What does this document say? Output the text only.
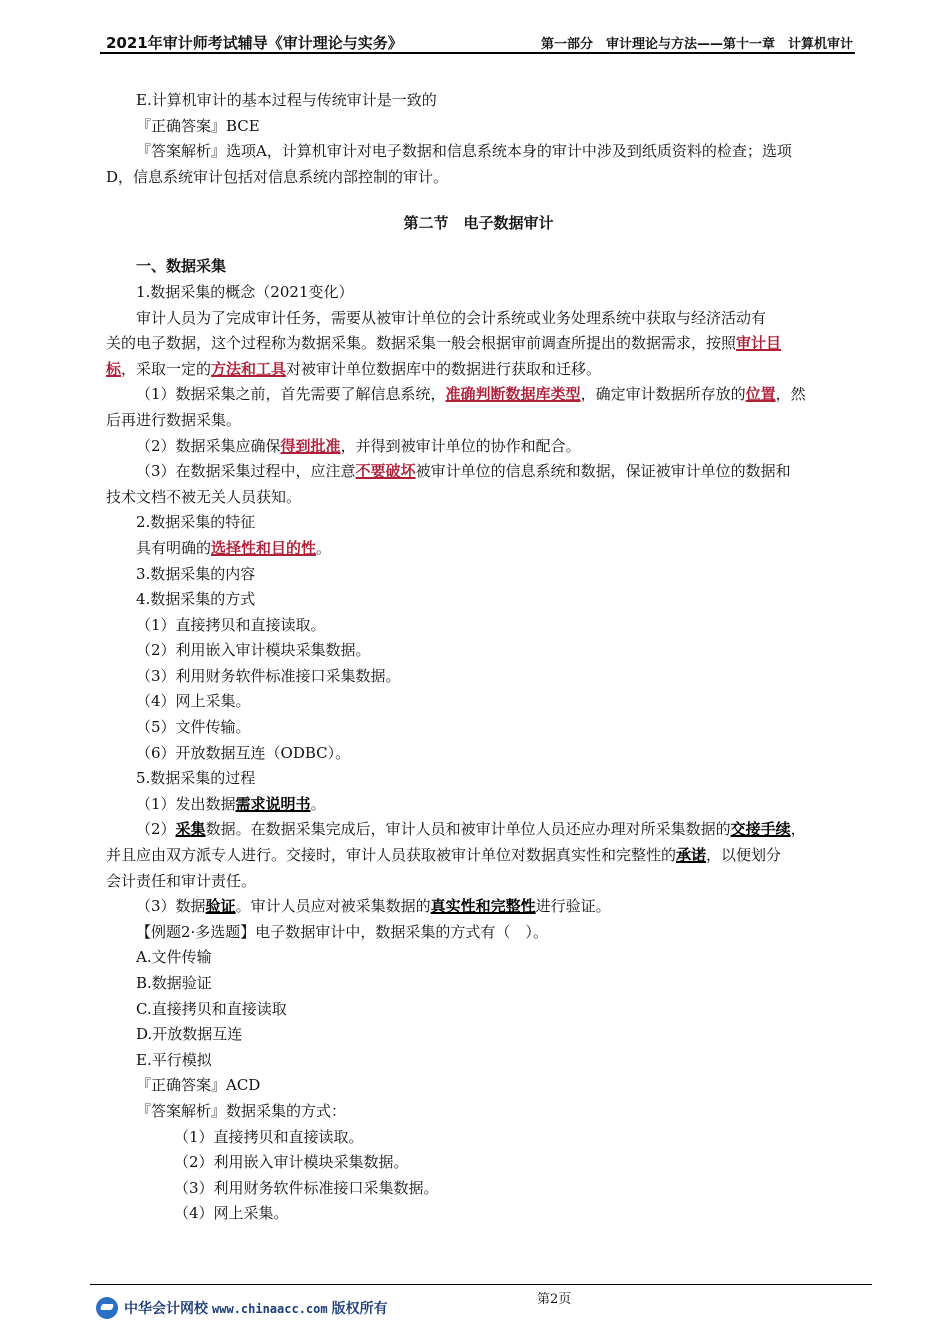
2021年审计师考试辅导《审计理论与实务》	第一部分　审计理论与方法——第十一章　计算机审计
E.计算机审计的基本过程与传统审计是一致的
『正确答案』BCE
『答案解析』选项A，计算机审计对电子数据和信息系统本身的审计中涉及到纸质资料的检查；选项
D，信息系统审计包括对信息系统内部控制的审计。
第二节　电子数据审计
一、数据采集
1.数据采集的概念（2021变化）
审计人员为了完成审计任务，需要从被审计单位的会计系统或业务处理系统中获取与经济活动有
关的电子数据，这个过程称为数据采集。数据采集一般会根据审前调查所提出的数据需求，按照审计目
标，采取一定的方法和工具对被审计单位数据库中的数据进行获取和迁移。
（1）数据采集之前，首先需要了解信息系统，准确判断数据库类型，确定审计数据所存放的位置，然
后再进行数据采集。
（2）数据采集应确保得到批准，并得到被审计单位的协作和配合。
（3）在数据采集过程中，应注意不要破坏被审计单位的信息系统和数据，保证被审计单位的数据和
技术文档不被无关人员获知。
2.数据采集的特征
具有明确的选择性和目的性。
3.数据采集的内容
4.数据采集的方式
（1）直接拷贝和直接读取。
（2）利用嵌入审计模块采集数据。
（3）利用财务软件标准接口采集数据。
（4）网上采集。
（5）文件传输。
（6）开放数据互连（ODBC）。
5.数据采集的过程
（1）发出数据需求说明书。
（2）采集数据。在数据采集完成后，审计人员和被审计单位人员还应办理对所采集数据的交接手续，
并且应由双方派专人进行。交接时，审计人员获取被审计单位对数据真实性和完整性的承诺，以便划分
会计责任和审计责任。
（3）数据验证。审计人员应对被采集数据的真实性和完整性进行验证。
【例题2·多选题】电子数据审计中，数据采集的方式有（　）。
A.文件传输
B.数据验证
C.直接拷贝和直接读取
D.开放数据互连
E.平行模拟
『正确答案』ACD
『答案解析』数据采集的方式：
（1）直接拷贝和直接读取。
（2）利用嵌入审计模块采集数据。
（3）利用财务软件标准接口采集数据。
（4）网上采集。
第2页
中华会计网校 www.chinaacc.com 版权所有
